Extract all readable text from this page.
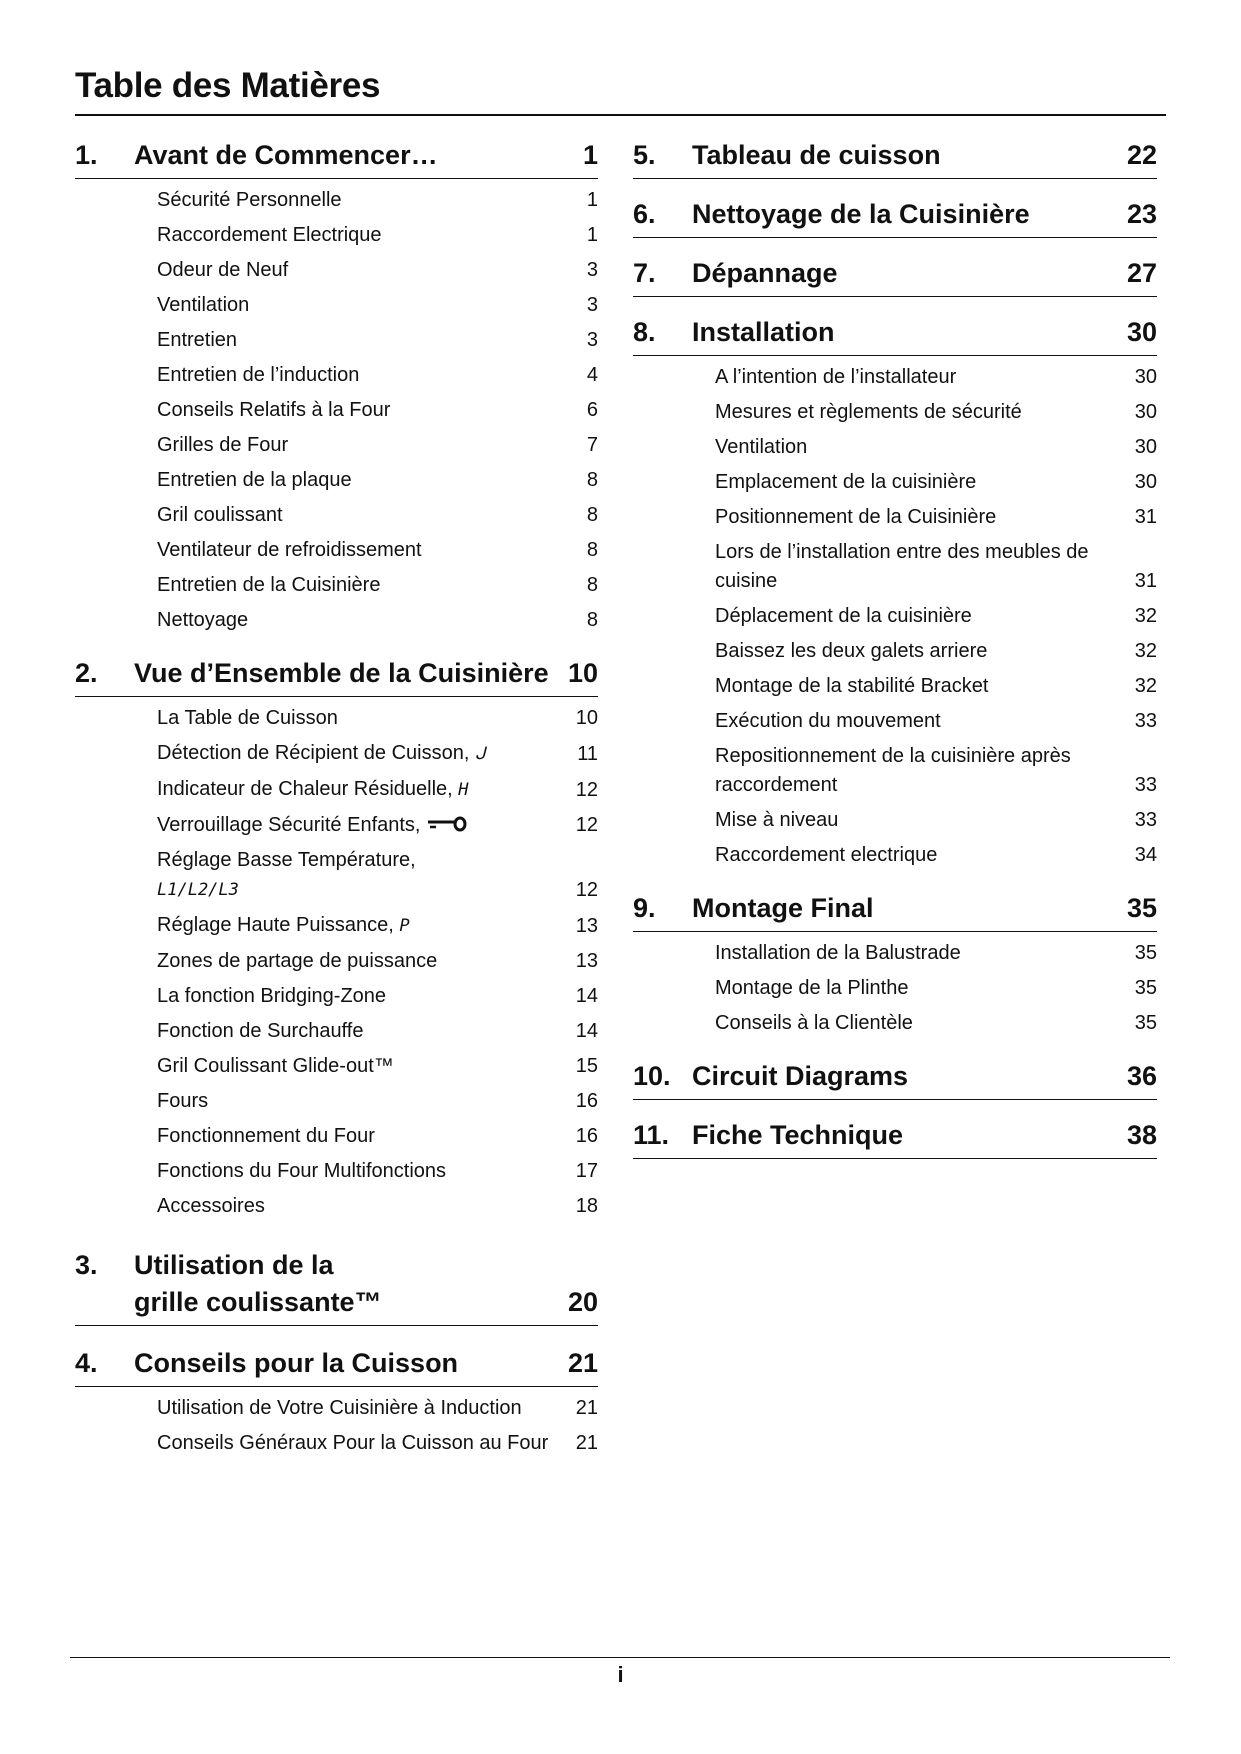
Table des Matières
1.	Avant de Commencer…	1
Sécurité Personnelle	1
Raccordement Electrique	1
Odeur de Neuf	3
Ventilation	3
Entretien	3
Entretien de l’induction	4
Conseils Relatifs à la Four	6
Grilles de Four	7
Entretien de la plaque	8
Gril coulissant	8
Ventilateur de refroidissement	8
Entretien de la Cuisinière	8
Nettoyage	8
2.	Vue d’Ensemble de la Cuisinière 10
La Table de Cuisson	10
Détection de Récipient de Cuisson, ᒍ	11
Indicateur de Chaleur Résiduelle, H	12
Verrouillage Sécurité Enfants,	12
Réglage Basse Température,
L1/L2/L3	12
Réglage Haute Puissance, P	13
Zones de partage de puissance	13
La fonction Bridging-Zone	14
Fonction de Surchauffe	14
Gril Coulissant Glide-out™	15
Fours	16
Fonctionnement du Four	16
Fonctions du Four Multifonctions	17
Accessoires	18
3.	Utilisation de la
grille coulissante™	20
4.	Conseils pour la Cuisson	21
Utilisation de Votre Cuisinière à Induction	21
Conseils Généraux Pour la Cuisson au Four	21
5.	Tableau de cuisson	22
6.	Nettoyage de la Cuisinière	23
7.	Dépannage	27
8.	Installation	30
A l’intention de l’installateur	30
Mesures et règlements de sécurité	30
Ventilation	30
Emplacement de la cuisinière	30
Positionnement de la Cuisinière	31
Lors de l’installation entre des meubles de
cuisine	31
Déplacement de la cuisinière	32
Baissez les deux galets arriere	32
Montage de la stabilité Bracket	32
Exécution du mouvement	33
Repositionnement de la cuisinière après
raccordement	33
Mise à niveau	33
Raccordement electrique	34
9.	Montage Final	35
Installation de la Balustrade	35
Montage de la Plinthe	35
Conseils à la Clientèle	35
10. Circuit Diagrams	36
11. Fiche Technique	38
i
